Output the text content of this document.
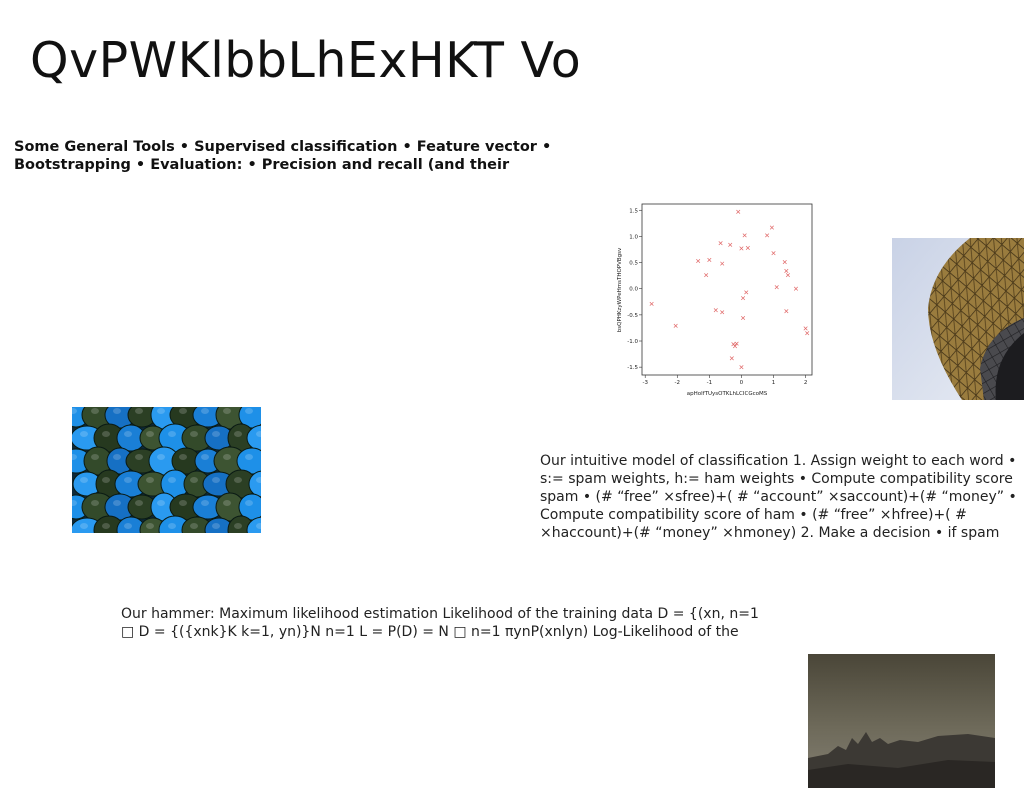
QvPWKlbbLhExHKT Vo
Some General Tools • Supervised classification • Feature vector • Bootstrapping • Evaluation: • Precision and recall (and their
-3	-2	-1	0	1	2
1.5
1.0
0.5
0.0
-0.5
-1.0
-1.5
apHolfTUysOTKLhLCICGcoMS
bsQPHKzyWPeHmsTHOPVBgsv
Our intuitive model of classification 1. Assign weight to each word • s:= spam weights, h:= ham weights • Compute compatibility score spam • (# “free” ×sfree)+( # “account” ×saccount)+(# “money” • Compute compatibility score of ham • (# “free” ×hfree)+( # ×haccount)+(# “money” ×hmoney) 2. Make a decision • if spam
Our hammer: Maximum likelihood estimation Likelihood of the training data D = {(xn, n=1 □ D = {({xnk}K k=1, yn)}N n=1 L = P(D) = N □ n=1 πynP(xnlyn) Log-Likelihood of the
